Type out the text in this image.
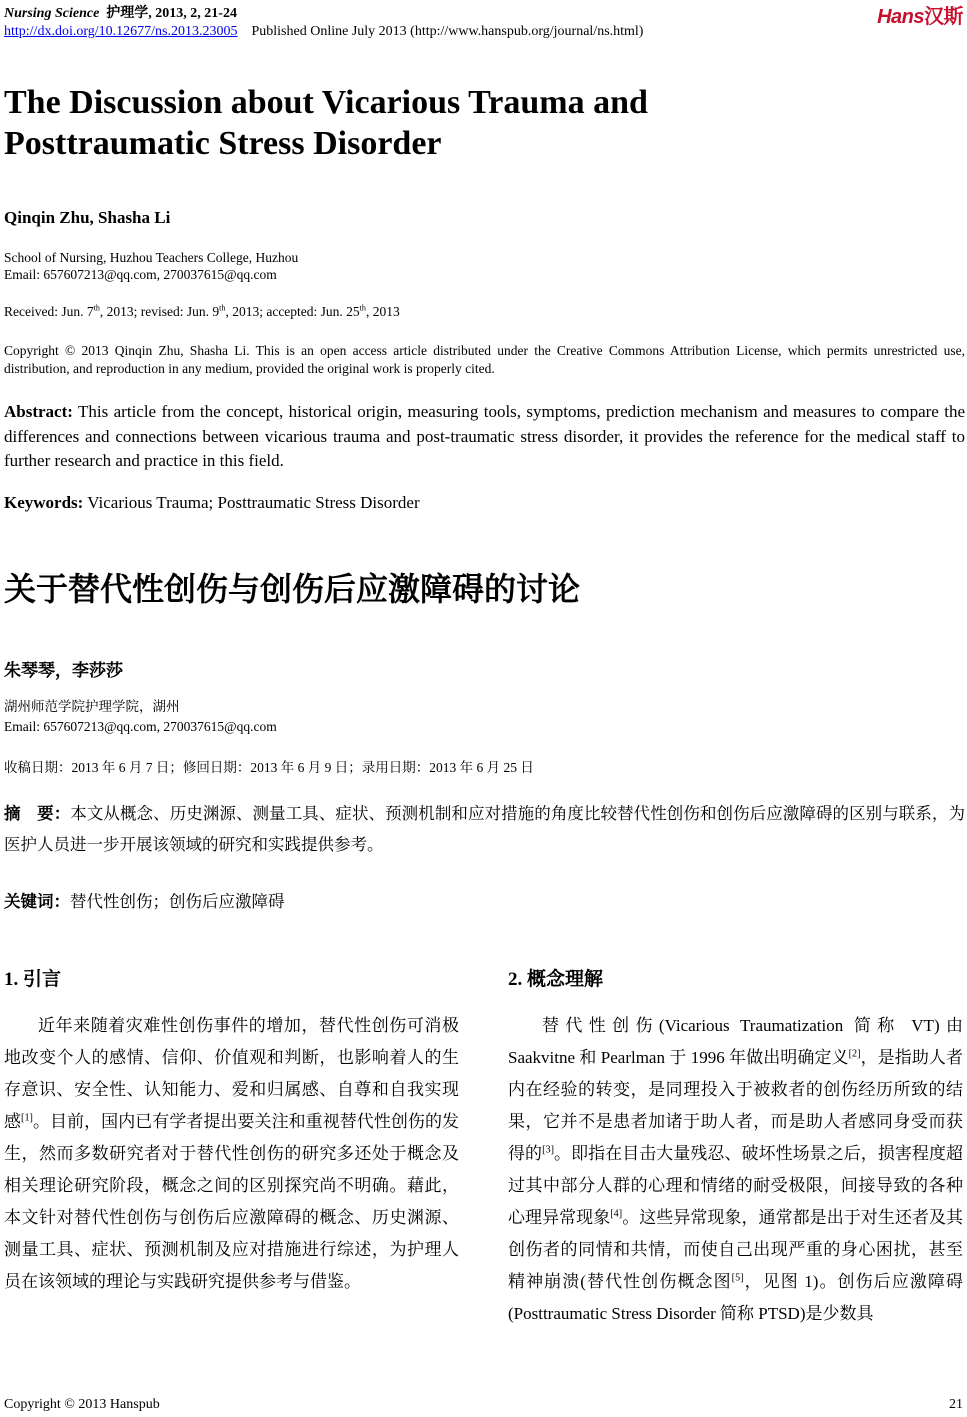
Nursing Science 护理学, 2013, 2, 21-24
http://dx.doi.org/10.12677/ns.2013.23005 Published Online July 2013 (http://www.hanspub.org/journal/ns.html)
Hans汉斯
The Discussion about Vicarious Trauma and
Posttraumatic Stress Disorder
Qinqin Zhu, Shasha Li
School of Nursing, Huzhou Teachers College, Huzhou
Email: 657607213@qq.com, 270037615@qq.com
Received: Jun. 7th, 2013; revised: Jun. 9th, 2013; accepted: Jun. 25th, 2013
Copyright © 2013 Qinqin Zhu, Shasha Li. This is an open access article distributed under the Creative Commons Attribution License, which permits unrestricted use, distribution, and reproduction in any medium, provided the original work is properly cited.
Abstract: This article from the concept, historical origin, measuring tools, symptoms, prediction mechanism and measures to compare the differences and connections between vicarious trauma and post-traumatic stress disorder, it provides the reference for the medical staff to further research and practice in this field.
Keywords: Vicarious Trauma; Posttraumatic Stress Disorder
关于替代性创伤与创伤后应激障碍的讨论
朱琴琴，李莎莎
湖州师范学院护理学院，湖州
Email: 657607213@qq.com, 270037615@qq.com
收稿日期：2013 年 6 月 7 日；修回日期：2013 年 6 月 9 日；录用日期：2013 年 6 月 25 日
摘　要：本文从概念、历史渊源、测量工具、症状、预测机制和应对措施的角度比较替代性创伤和创伤后应激障碍的区别与联系，为医护人员进一步开展该领域的研究和实践提供参考。
关键词：替代性创伤；创伤后应激障碍
1. 引言	2. 概念理解

近年来随着灾难性创伤事件的增加，替代性创伤可消极地改变个人的感情、信仰、价值观和判断，也影响着人的生存意识、安全性、认知能力、爱和归属感、自尊和自我实现感[1]。目前，国内已有学者提出要关注和重视替代性创伤的发生，然而多数研究者对于替代性创伤的研究多还处于概念及相关理论研究阶段，概念之间的区别探究尚不明确。藉此，本文针对替代性创伤与创伤后应激障碍的概念、历史渊源、测量工具、症状、预测机制及应对措施进行综述，为护理人员在该领域的理论与实践研究提供参考与借鉴。

替代性创伤(Vicarious Traumatization 简称 VT)由 Saakvitne 和 Pearlman 于 1996 年做出明确定义[2]，是指助人者内在经验的转变，是同理投入于被救者的创伤经历所致的结果，它并不是患者加诸于助人者，而是助人者感同身受而获得的[3]。即指在目击大量残忍、破坏性场景之后，损害程度超过其中部分人群的心理和情绪的耐受极限，间接导致的各种心理异常现象[4]。这些异常现象，通常都是出于对生还者及其创伤者的同情和共情，而使自己出现严重的身心困扰，甚至精神崩溃(替代性创伤概念图[5]，见图 1)。创伤后应激障碍(Posttraumatic Stress Disorder 简称 PTSD)是少数具

Copyright © 2013 Hanspub	21
